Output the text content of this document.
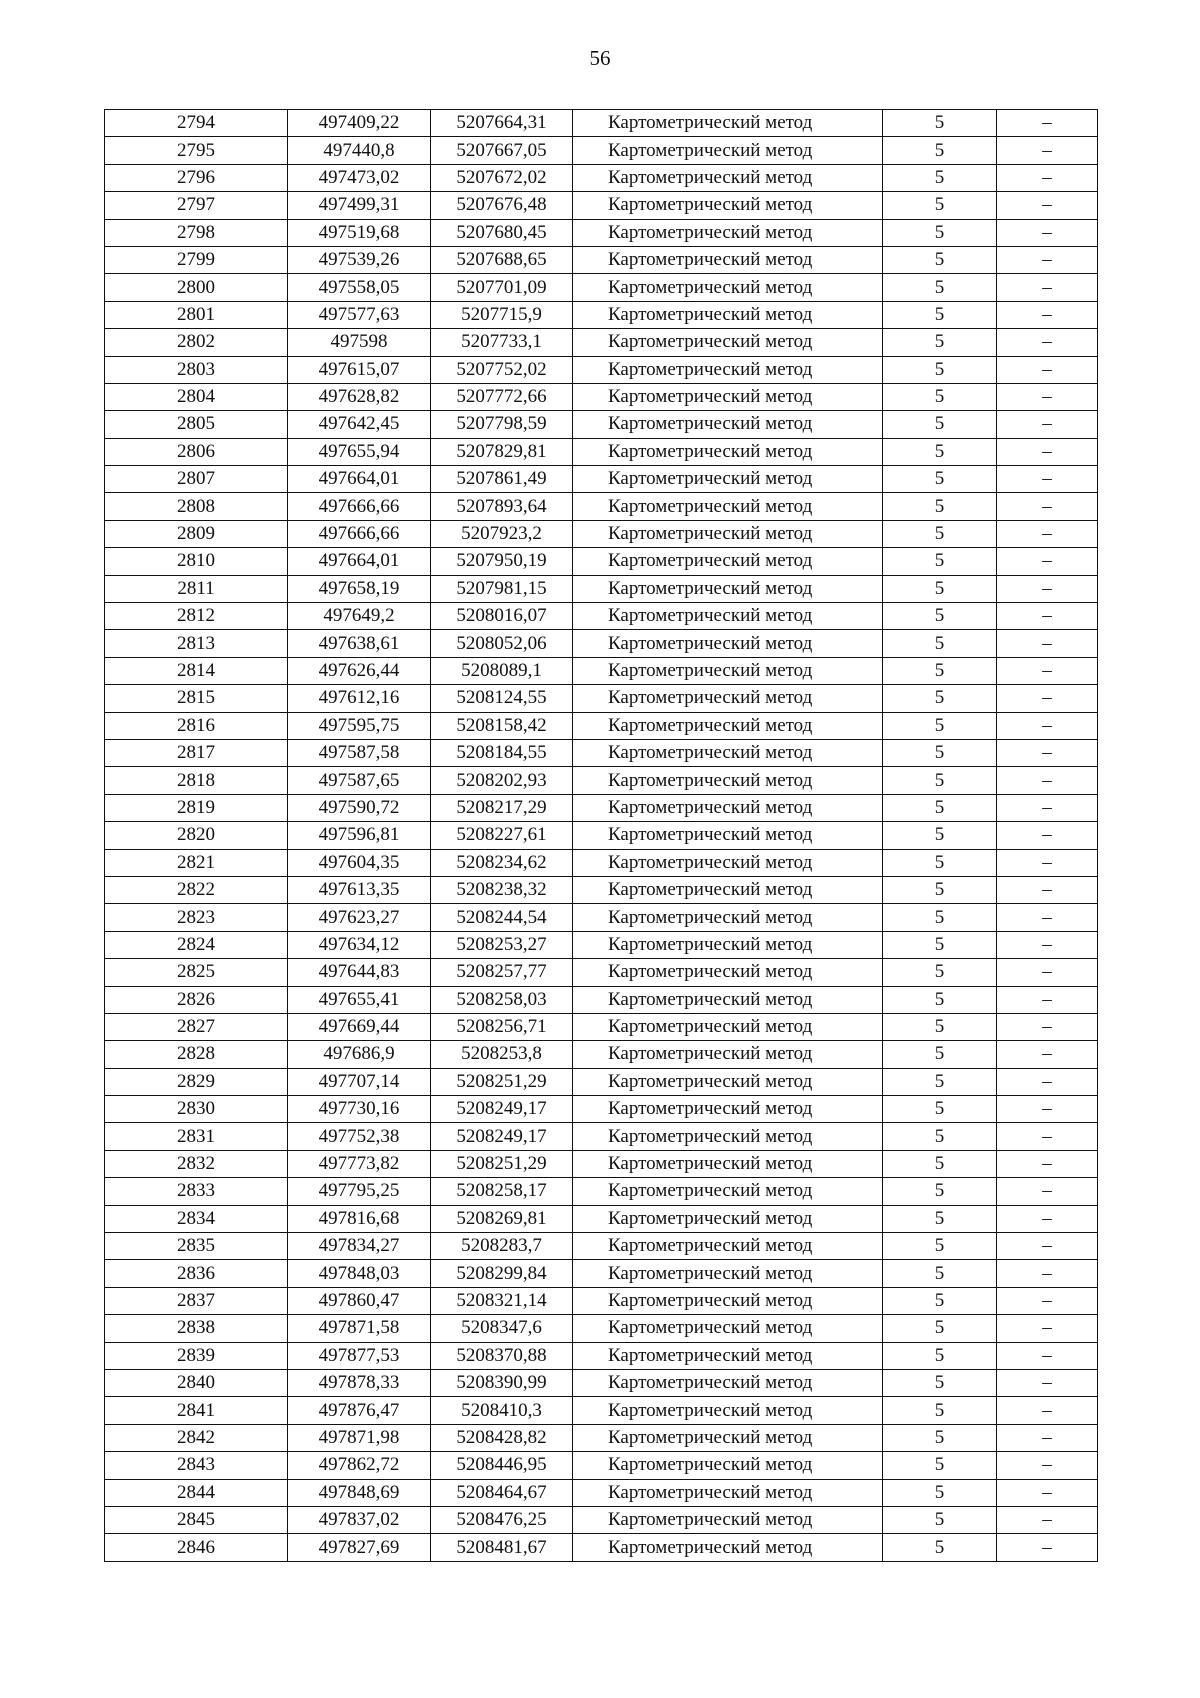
56
2794	497409,22	5207664,31	Картометрический метод	5	–
2795	497440,8	5207667,05	Картометрический метод	5	–
2796	497473,02	5207672,02	Картометрический метод	5	–
2797	497499,31	5207676,48	Картометрический метод	5	–
2798	497519,68	5207680,45	Картометрический метод	5	–
2799	497539,26	5207688,65	Картометрический метод	5	–
2800	497558,05	5207701,09	Картометрический метод	5	–
2801	497577,63	5207715,9	Картометрический метод	5	–
2802	497598	5207733,1	Картометрический метод	5	–
2803	497615,07	5207752,02	Картометрический метод	5	–
2804	497628,82	5207772,66	Картометрический метод	5	–
2805	497642,45	5207798,59	Картометрический метод	5	–
2806	497655,94	5207829,81	Картометрический метод	5	–
2807	497664,01	5207861,49	Картометрический метод	5	–
2808	497666,66	5207893,64	Картометрический метод	5	–
2809	497666,66	5207923,2	Картометрический метод	5	–
2810	497664,01	5207950,19	Картометрический метод	5	–
2811	497658,19	5207981,15	Картометрический метод	5	–
2812	497649,2	5208016,07	Картометрический метод	5	–
2813	497638,61	5208052,06	Картометрический метод	5	–
2814	497626,44	5208089,1	Картометрический метод	5	–
2815	497612,16	5208124,55	Картометрический метод	5	–
2816	497595,75	5208158,42	Картометрический метод	5	–
2817	497587,58	5208184,55	Картометрический метод	5	–
2818	497587,65	5208202,93	Картометрический метод	5	–
2819	497590,72	5208217,29	Картометрический метод	5	–
2820	497596,81	5208227,61	Картометрический метод	5	–
2821	497604,35	5208234,62	Картометрический метод	5	–
2822	497613,35	5208238,32	Картометрический метод	5	–
2823	497623,27	5208244,54	Картометрический метод	5	–
2824	497634,12	5208253,27	Картометрический метод	5	–
2825	497644,83	5208257,77	Картометрический метод	5	–
2826	497655,41	5208258,03	Картометрический метод	5	–
2827	497669,44	5208256,71	Картометрический метод	5	–
2828	497686,9	5208253,8	Картометрический метод	5	–
2829	497707,14	5208251,29	Картометрический метод	5	–
2830	497730,16	5208249,17	Картометрический метод	5	–
2831	497752,38	5208249,17	Картометрический метод	5	–
2832	497773,82	5208251,29	Картометрический метод	5	–
2833	497795,25	5208258,17	Картометрический метод	5	–
2834	497816,68	5208269,81	Картометрический метод	5	–
2835	497834,27	5208283,7	Картометрический метод	5	–
2836	497848,03	5208299,84	Картометрический метод	5	–
2837	497860,47	5208321,14	Картометрический метод	5	–
2838	497871,58	5208347,6	Картометрический метод	5	–
2839	497877,53	5208370,88	Картометрический метод	5	–
2840	497878,33	5208390,99	Картометрический метод	5	–
2841	497876,47	5208410,3	Картометрический метод	5	–
2842	497871,98	5208428,82	Картометрический метод	5	–
2843	497862,72	5208446,95	Картометрический метод	5	–
2844	497848,69	5208464,67	Картометрический метод	5	–
2845	497837,02	5208476,25	Картометрический метод	5	–
2846	497827,69	5208481,67	Картометрический метод	5	–
